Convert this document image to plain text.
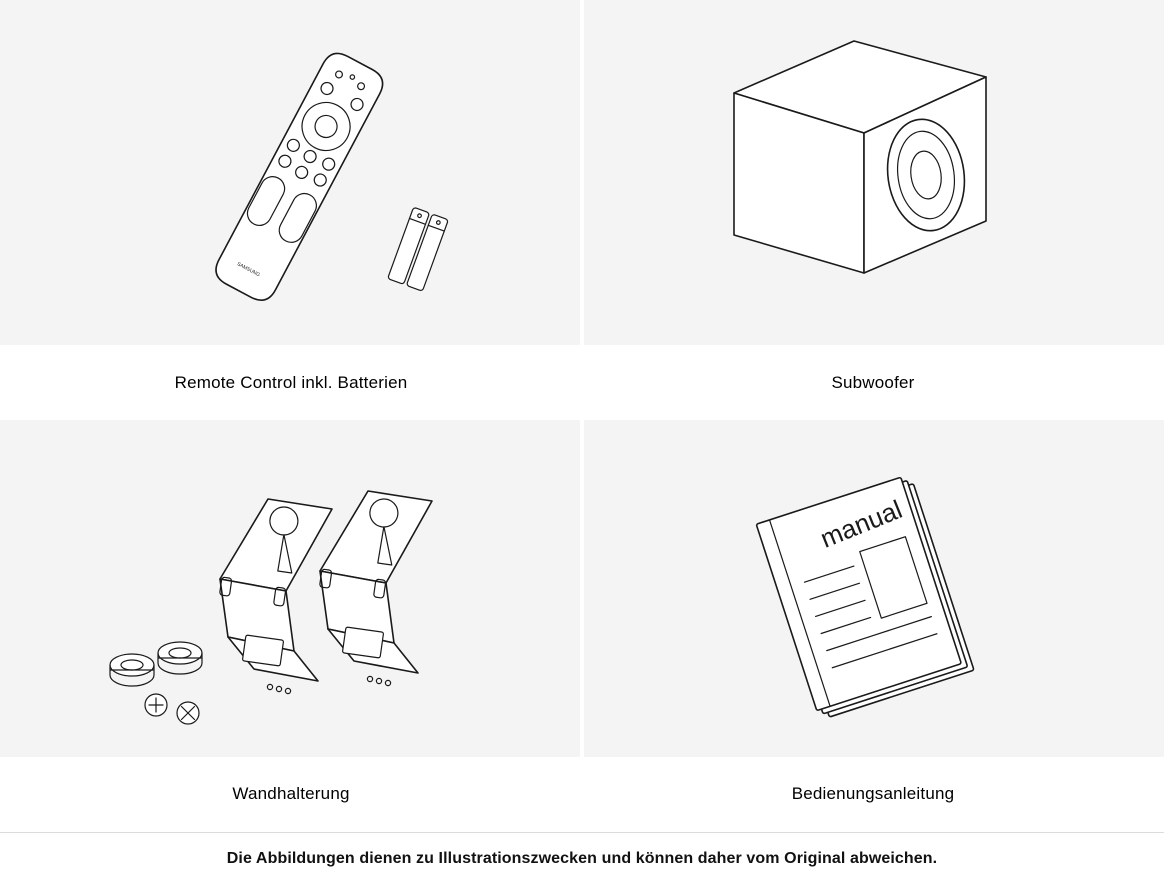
SAMSUNG
Remote Control inkl. Batterien	Subwoofer
Wandhalterung
manual
Bedienungsanleitung
Die Abbildungen dienen zu Illustrationszwecken und können daher vom Original abweichen.
